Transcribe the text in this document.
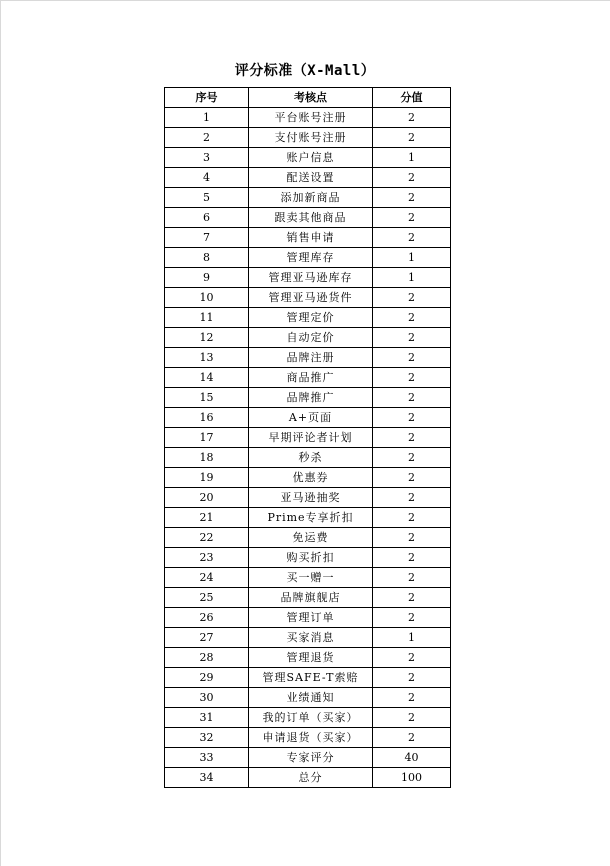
评分标准（X-Mall）
序号	考核点	分值
1	平台账号注册	2
2	支付账号注册	2
3	账户信息	1
4	配送设置	2
5	添加新商品	2
6	跟卖其他商品	2
7	销售申请	2
8	管理库存	1
9	管理亚马逊库存	1
10	管理亚马逊货件	2
11	管理定价	2
12	自动定价	2
13	品牌注册	2
14	商品推广	2
15	品牌推广	2
16	A+页面	2
17	早期评论者计划	2
18	秒杀	2
19	优惠券	2
20	亚马逊抽奖	2
21	Prime专享折扣	2
22	免运费	2
23	购买折扣	2
24	买一赠一	2
25	品牌旗舰店	2
26	管理订单	2
27	买家消息	1
28	管理退货	2
29	管理SAFE-T索赔	2
30	业绩通知	2
31	我的订单（买家）	2
32	申请退货（买家）	2
33	专家评分	40
34	总分	100
